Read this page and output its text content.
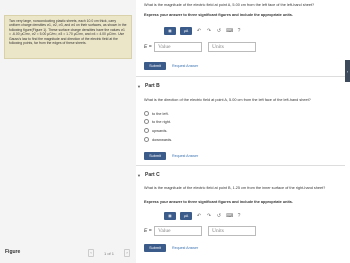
Two very large, nonconducting plastic sheets, each 10.0 cm thick, carry uniform charge densities σ1, σ2, σ3, and σ4 on their surfaces, as shown in the following figure(Figure 1). These surface charge densities have the values σ1 = -6.00 μC/m², σ2 = 5.00 μC/m², σ3 = 1.70 μC/m², and σ4 = 4.00 μC/m². Use Gauss's law to find the magnitude and direction of the electric field at the following points, far from the edges of these sheets.
Figure	‹	1 of 1	›
What is the magnitude of the electric field at point A, 5.00 cm from the left face of the left-hand sheet?
Express your answer to three significant figures and include the appropriate units.
▦	μA	↶ ↷ ↺ ⌨ ?
E =	Value	Units
Submit	Request Answer
▼ Part B
What is the direction of the electric field at point A, 5.00 cm from the left face of the left-hand sheet?
to the left.
to the right.
upwards.
downwards.
Submit	Request Answer
▼ Part C
What is the magnitude of the electric field at point B, 1.25 cm from the inner surface of the right-hand sheet?
Express your answer to three significant figures and include the appropriate units.
▦	μA	↶ ↷ ↺ ⌨ ?
E =	Value	Units
Submit	Request Answer
‹
